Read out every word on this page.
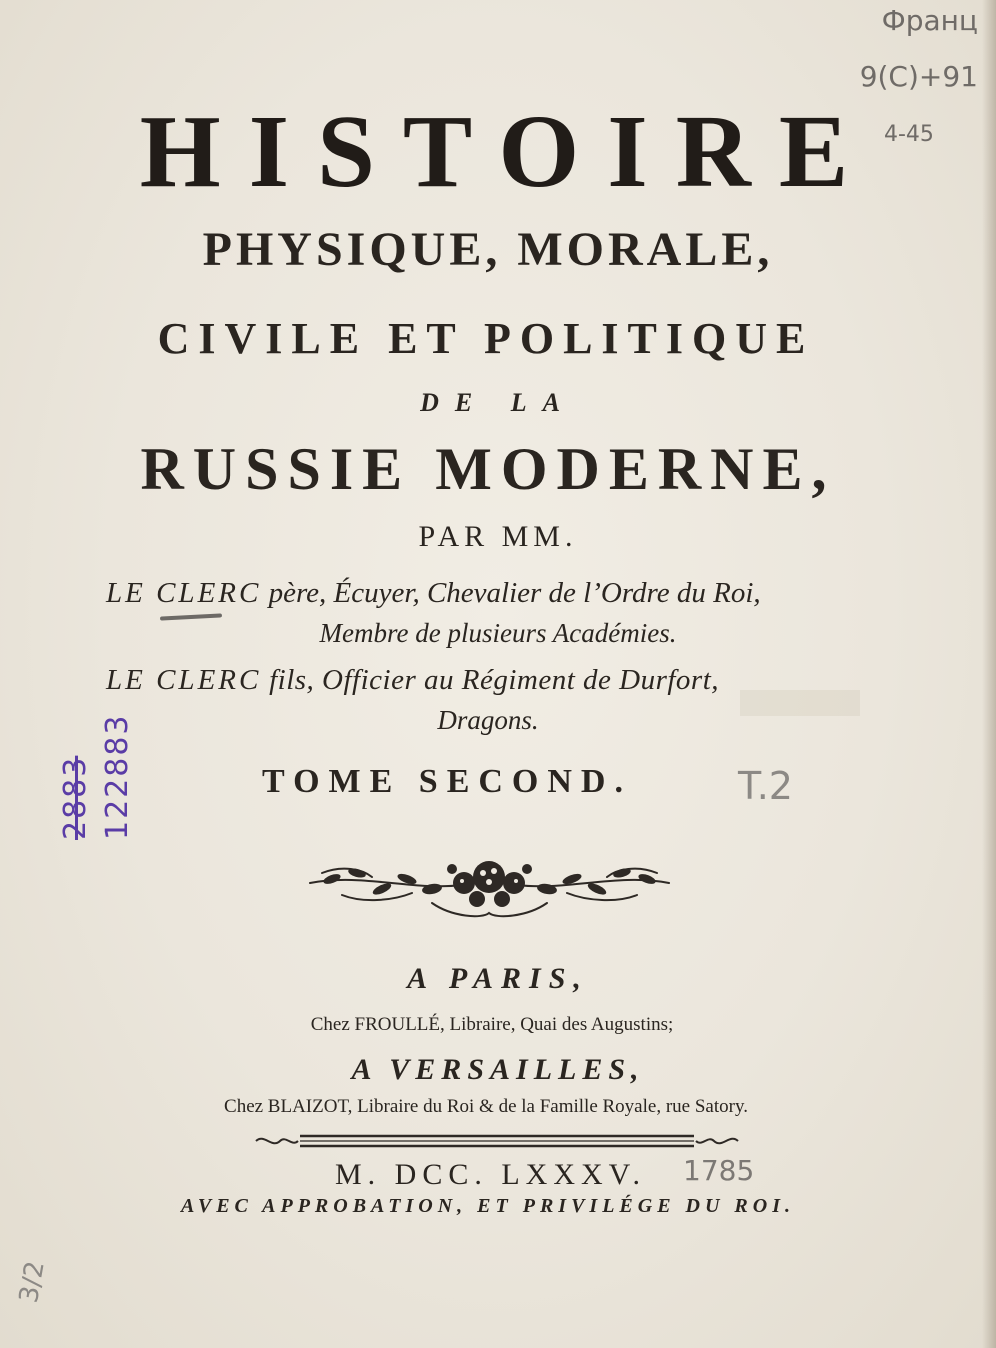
Франц
9(С)+91
4-45
HISTOIRE
PHYSIQUE, MORALE,
CIVILE ET POLITIQUE
DE LA
RUSSIE MODERNE,
PAR MM.
LE CLERC père, Écuyer, Chevalier de l’Ordre du Roi,
Membre de plusieurs Académies.
LE CLERC fils, Officier au Régiment de Durfort,
Dragons.
TOME SECOND.	T.2
2883 122883
A PARIS,
Chez FROULLÉ, Libraire, Quai des Augustins;
A VERSAILLES,
Chez BLAIZOT, Libraire du Roi & de la Famille Royale, rue Satory.
M. DCC. LXXXV. 1785
AVEC APPROBATION, ET PRIVILÉGE DU ROI.
3/2
